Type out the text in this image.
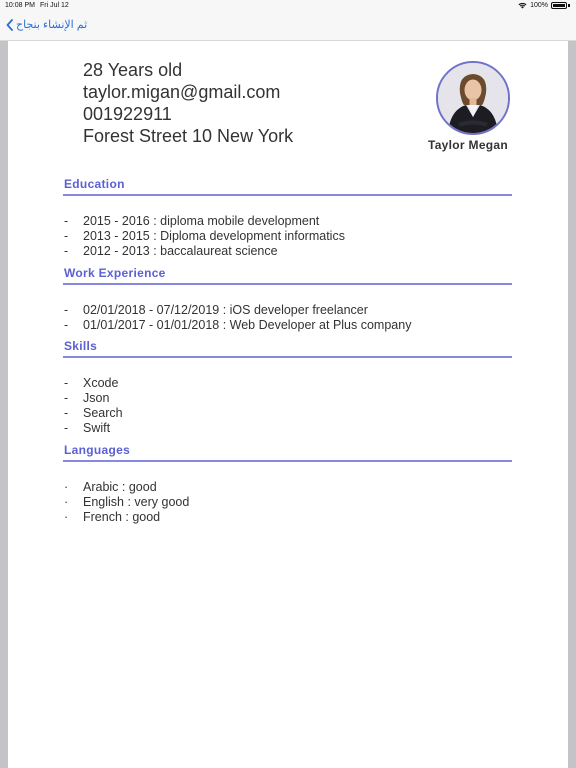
10:08 PM Fri Jul 12	100%
ثم الإنشاء بنجاح
28 Years old
taylor.migan@gmail.com
001922911
Forest Street 10 New York	Taylor Megan
Education
- 2015 - 2016 : diploma mobile development
- 2013 - 2015 : Diploma development informatics
- 2012 - 2013 : baccalaureat science
Work Experience
- 02/01/2018 - 07/12/2019 : iOS developer freelancer
- 01/01/2017 - 01/01/2018 : Web Developer at Plus company
Skills
- Xcode
- Json
- Search
- Swift
Languages
· Arabic : good
· English : very good
· French : good
